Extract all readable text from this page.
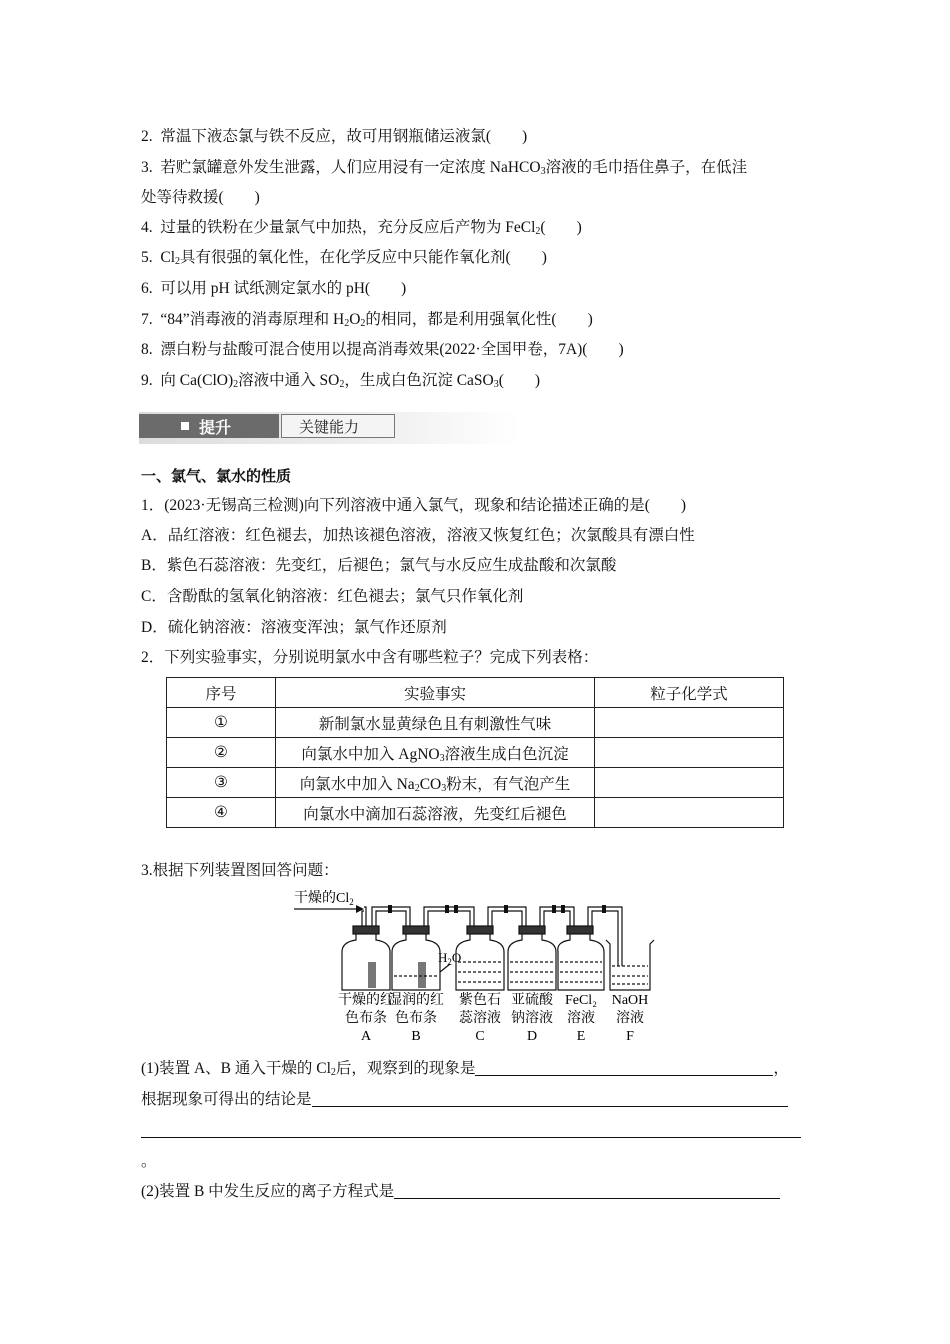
2. 常温下液态氯与铁不反应，故可用钢瓶储运液氯(　　)
3. 若贮氯罐意外发生泄露，人们应用浸有一定浓度 NaHCO$_3$溶液的毛巾捂住鼻子，在低洼
处等待救援(　　)
4. 过量的铁粉在少量氯气中加热，充分反应后产物为 FeCl$_2$(　　)
5. $Cl_2$具有很强的氧化性，在化学反应中只能作氧化剂(　　)
6. 可以用 pH 试纸测定氯水的 pH(　　)
7. “84”消毒液的消毒原理和 $H_2O_2$的相同，都是利用强氧化性(　　)
8. 漂白粉与盐酸可混合使用以提高消毒效果(2022·全国甲卷，7A)(　　)
9. 向 $Ca(ClO)_2$溶液中通入 $SO_2$，生成白色沉淀 CaSO$_3$(　　)
提升	关键能力
一、氯气、氯水的性质
1．(2023·无锡高三检测)向下列溶液中通入氯气，现象和结论描述正确的是(　　)
A．品红溶液：红色褪去，加热该褪色溶液，溶液又恢复红色；次氯酸具有漂白性
B．紫色石蕊溶液：先变红，后褪色；氯气与水反应生成盐酸和次氯酸
C．含酚酞的氢氧化钠溶液：红色褪去；氯气只作氧化剂
D．硫化钠溶液：溶液变浑浊；氯气作还原剂
2．下列实验事实，分别说明氯水中含有哪些粒子？完成下列表格：
序号	实验事实	粒子化学式
①	新制氯水显黄绿色且有刺激性气味	
②	向氯水中加入 AgNO$_3$溶液生成白色沉淀	
③	向氯水中加入 $Na_2CO_3$粉末，有气泡产生	
④	向氯水中滴加石蕊溶液，先变红后褪色	
3.根据下列装置图回答问题：
干燥的$Cl_2$
$H_2O$
干燥的红
色布条
A
湿润的红
色布条
B
紫色石
蕊溶液
C
亚硫酸
钠溶液
D
FeCl₂
溶液
E
NaOH
溶液
F
(1)装置 A、B 通入干燥的 $Cl_2$后，观察到的现象是	，
根据现象可得出的结论是
。
(2)装置 B 中发生反应的离子方程式是
